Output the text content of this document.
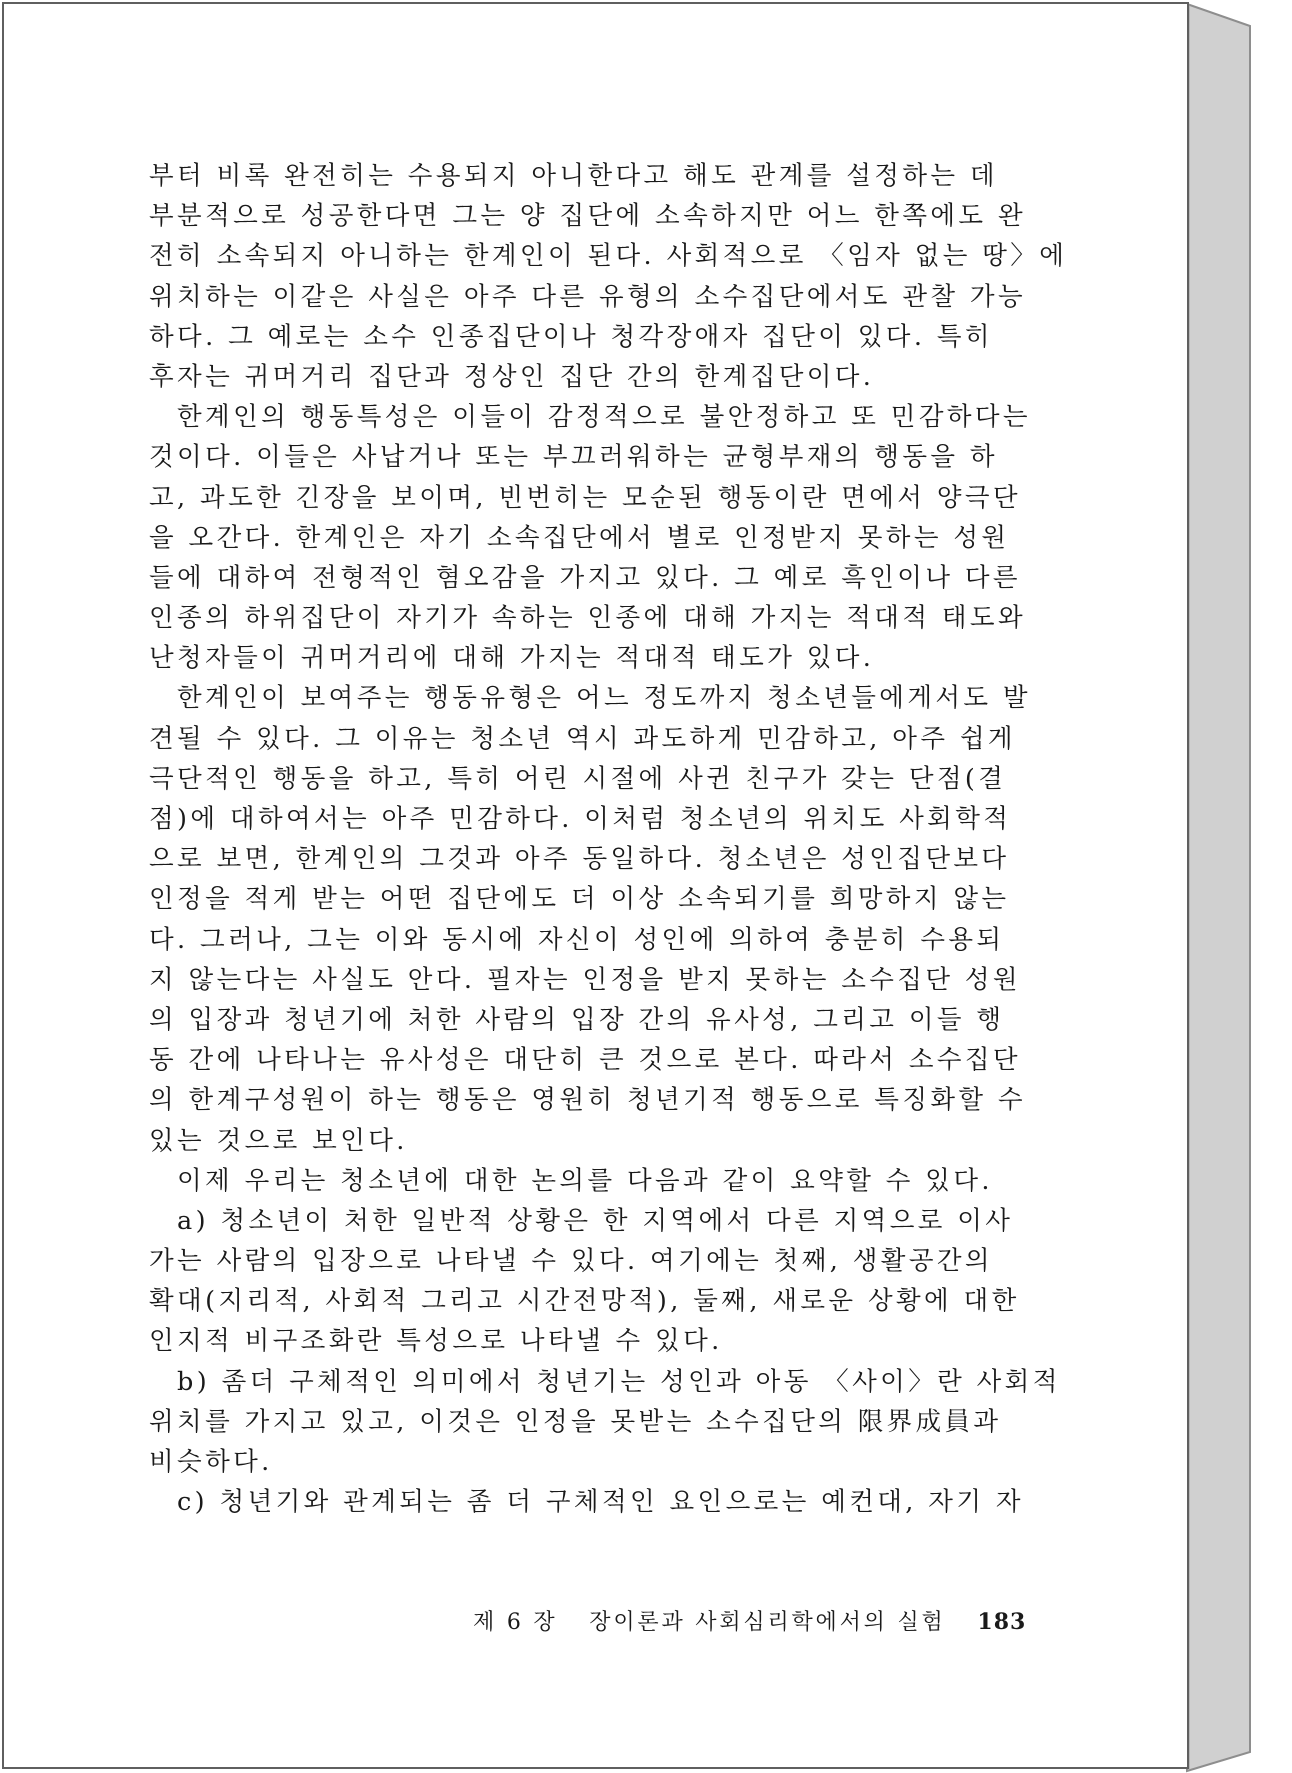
부터 비록 완전히는 수용되지 아니한다고 해도 관계를 설정하는 데
부분적으로 성공한다면 그는 양 집단에 소속하지만 어느 한쪽에도 완
전히 소속되지 아니하는 한계인이 된다. 사회적으로 〈임자 없는 땅〉에
위치하는 이같은 사실은 아주 다른 유형의 소수집단에서도 관찰 가능
하다. 그 예로는 소수 인종집단이나 청각장애자 집단이 있다. 특히
후자는 귀머거리 집단과 정상인 집단 간의 한계집단이다.
한계인의 행동특성은 이들이 감정적으로 불안정하고 또 민감하다는
것이다. 이들은 사납거나 또는 부끄러워하는 균형부재의 행동을 하
고, 과도한 긴장을 보이며, 빈번히는 모순된 행동이란 면에서 양극단
을 오간다. 한계인은 자기 소속집단에서 별로 인정받지 못하는 성원
들에 대하여 전형적인 혐오감을 가지고 있다. 그 예로 흑인이나 다른
인종의 하위집단이 자기가 속하는 인종에 대해 가지는 적대적 태도와
난청자들이 귀머거리에 대해 가지는 적대적 태도가 있다.
한계인이 보여주는 행동유형은 어느 정도까지 청소년들에게서도 발
견될 수 있다. 그 이유는 청소년 역시 과도하게 민감하고, 아주 쉽게
극단적인 행동을 하고, 특히 어린 시절에 사귄 친구가 갖는 단점(결
점)에 대하여서는 아주 민감하다. 이처럼 청소년의 위치도 사회학적
으로 보면, 한계인의 그것과 아주 동일하다. 청소년은 성인집단보다
인정을 적게 받는 어떤 집단에도 더 이상 소속되기를 희망하지 않는
다. 그러나, 그는 이와 동시에 자신이 성인에 의하여 충분히 수용되
지 않는다는 사실도 안다. 필자는 인정을 받지 못하는 소수집단 성원
의 입장과 청년기에 처한 사람의 입장 간의 유사성, 그리고 이들 행
동 간에 나타나는 유사성은 대단히 큰 것으로 본다. 따라서 소수집단
의 한계구성원이 하는 행동은 영원히 청년기적 행동으로 특징화할 수
있는 것으로 보인다.
이제 우리는 청소년에 대한 논의를 다음과 같이 요약할 수 있다.
a) 청소년이 처한 일반적 상황은 한 지역에서 다른 지역으로 이사
가는 사람의 입장으로 나타낼 수 있다. 여기에는 첫째, 생활공간의
확대(지리적, 사회적 그리고 시간전망적), 둘째, 새로운 상황에 대한
인지적 비구조화란 특성으로 나타낼 수 있다.
b) 좀더 구체적인 의미에서 청년기는 성인과 아동 〈사이〉란 사회적
위치를 가지고 있고, 이것은 인정을 못받는 소수집단의 限界成員과
비슷하다.
c) 청년기와 관계되는 좀 더 구체적인 요인으로는 예컨대, 자기 자
제 6 장 장이론과 사회심리학에서의 실험 183
